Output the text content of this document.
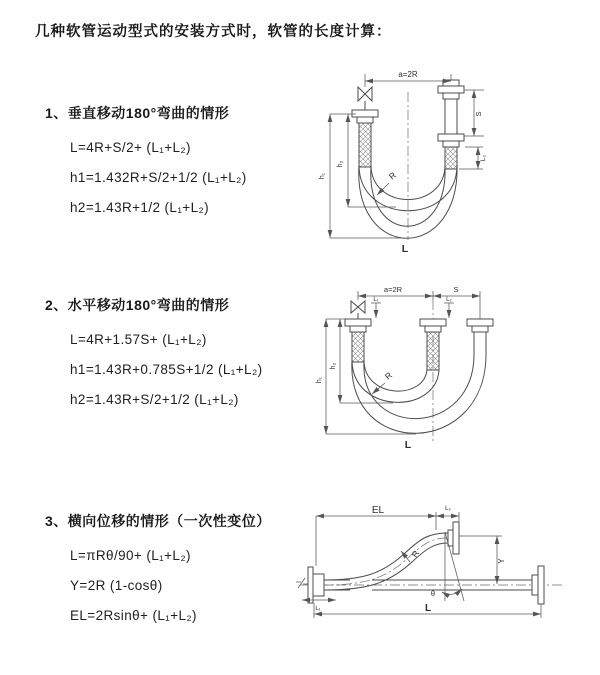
几种软管运动型式的安装方式时，软管的长度计算：
1、垂直移动180°弯曲的情形
L=4R+S/2+ (L₁+L₂)
h1=1.432R+S/2+1/2 (L₁+L₂)
h2=1.43R+1/2 (L₁+L₂)
a=2R
S
L₂
h₂
h₁	R
L
2、水平移动180°弯曲的情形
L=4R+1.57S+ (L₁+L₂)
h1=1.43R+0.785S+1/2 (L₁+L₂)
h2=1.43R+S/2+1/2 (L₁+L₂)
a=2R	S
L₁	L₂
h₂
h₁	R
L
3、横向位移的情形（一次性变位）
L=πRθ/90+ (L₁+L₂)
Y=2R (1-cosθ)
EL=2Rsinθ+ (L₁+L₂)
θ
EL	L₂
Y
L
L₁
R
